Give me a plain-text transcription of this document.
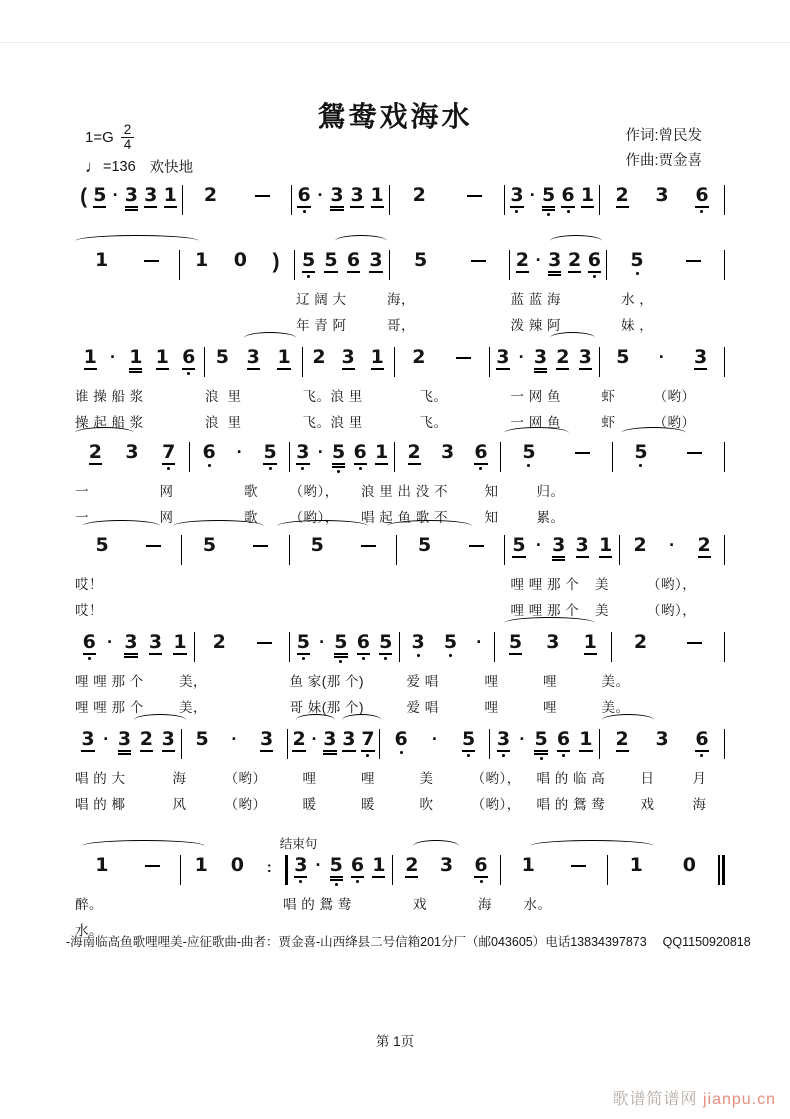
鴛鸯戏海水
$1=G \frac{2}{4}$
♩ =136 欢快地
作词:曾民发
作曲:贾金喜
( 5 · 3 3 1 2	6 · 3 3 1 2	3 · 5 6 1 2 3 6
1	1 0 ) 5 5 6 3 5	2 · 3 2 6 5
辽 阔 大	海，	蓝 蓝 海	水 ，
年 青 阿	哥，	泼 辣 阿	妹 ，
1 · 1 1 6 5 3 1 2 3 1 2	3 · 3 2 3 5 · 3
谁 操 船 浆	浪  里	飞。浪 里	飞。	一 网 鱼	虾	（哟）
操 起 船 浆	浪  里	飞。浪 里	飞。	一 网 鱼	虾	（哟）
2 3 7 6 · 5 3 · 5 6 1 2 3 6 5	5
一	网	歌 （哟）， 浪 里 出 没 不	知	归。
一	网	歌 （哟）， 唱 起 鱼 歌 不	知	累。
5	5	5	5	5 · 3 3 1 2 · 2
哎！	哩 哩 那 个 美	（哟），
哎！	哩 哩 那 个 美	（哟），
6 · 3 3 1 2	5 · 5 6 5 3 5 · 5 3 1 2
哩 哩 那 个	美，	鱼 家(那 个)	爱 唱	哩	哩	美。
哩 哩 那 个	美，	哥 妹(那 个)	爱 唱	哩	哩	美。
3 · 3 2 3 5 · 3 2 · 3 3 7 6 · 5 3 · 5 6 1 2 3 6
唱 的 大	海	（哟）	哩	哩	美	（哟）， 唱 的 临 高	日	月
唱 的 椰	风	（哟）	暖	暖	吹	（哟）， 唱 的 鴛 鸯	戏	海
结束句
1	1 0 : 3 · 5 6 1 2 3 6 1	1 0
醉。	唱 的 鴛 鸯	戏	海 水。
水。
-海南临高鱼歌哩哩美-应征歌曲-曲者：贾金喜-山西绛县二号信箱201分厂（邮043605）电话13834397873　 QQ1150920818
第 1页
歌谱简谱网 jianpu.cn
